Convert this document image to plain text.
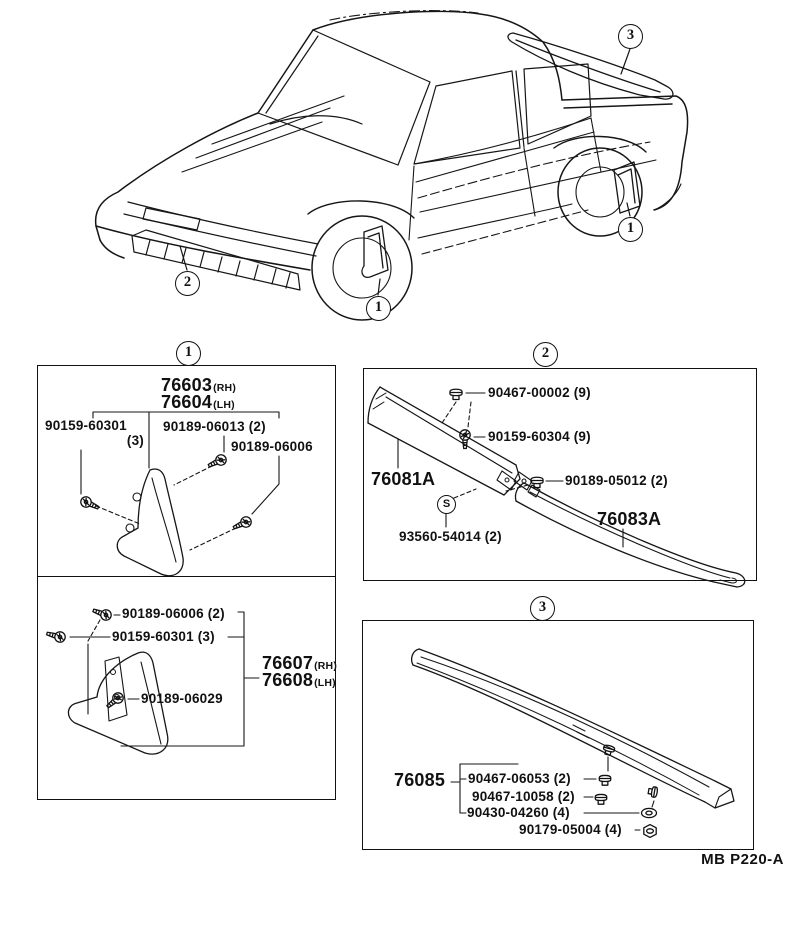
2
1
1
3
1	2
3
76603(RH)
76604(LH)
90159-60301
(3)
90189-06013 (2)
90189-06006
90189-06006 (2)
90159-60301 (3)
76607(RH)
76608(LH)
90189-06029
90467-00002 (9)
90159-60304 (9)
76081A	90189-05012 (2)
S
93560-54014 (2)
76083A
76085 90467-06053 (2)
90467-10058 (2)
90430-04260 (4)
90179-05004 (4)
MB P220-A
